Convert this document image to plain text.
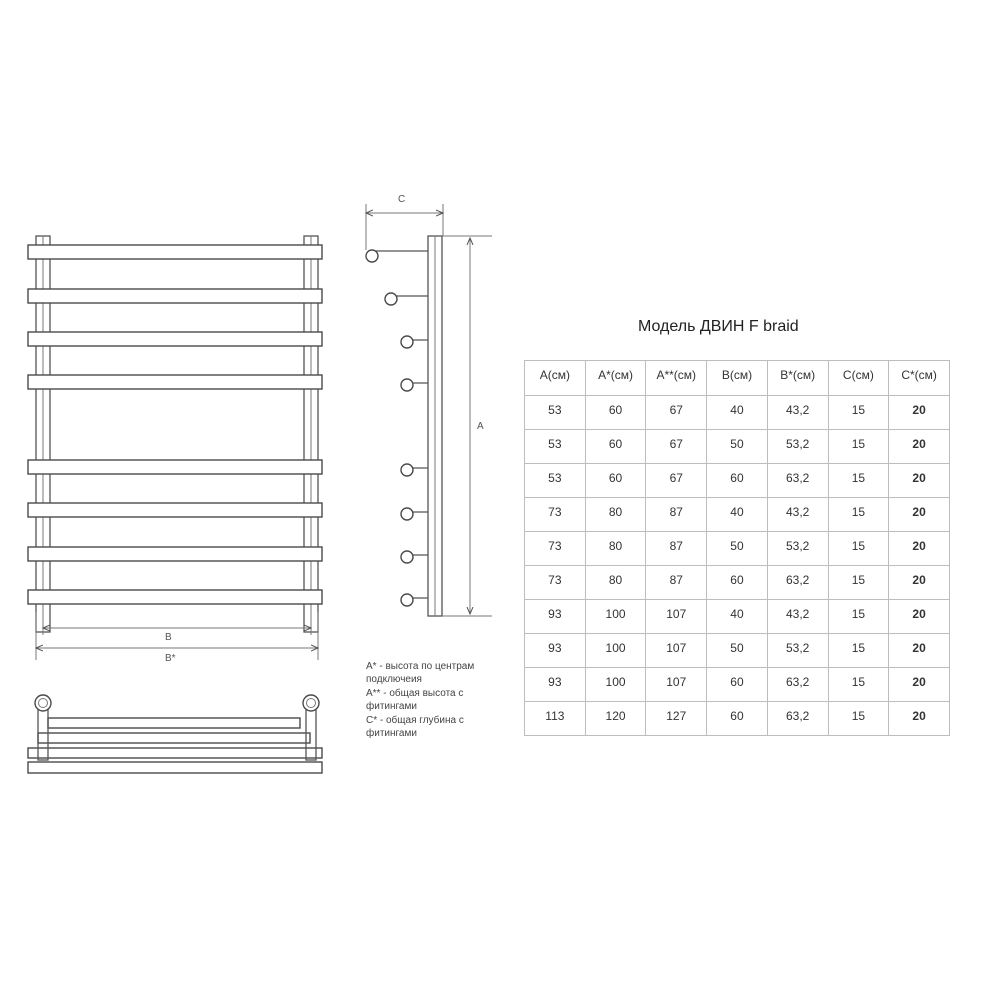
B
B*
C
A
А* - высота по центрам
подключеия
А** - общая высота с
фитингами
С* - общая глубина с
фитингами
Модель ДВИН F braid
А(см)	А*(см)	А**(см)	В(см)	В*(см)	С(см)	С*(см)
53	60	67	40	43,2	15	20
53	60	67	50	53,2	15	20
53	60	67	60	63,2	15	20
73	80	87	40	43,2	15	20
73	80	87	50	53,2	15	20
73	80	87	60	63,2	15	20
93	100	107	40	43,2	15	20
93	100	107	50	53,2	15	20
93	100	107	60	63,2	15	20
113	120	127	60	63,2	15	20
